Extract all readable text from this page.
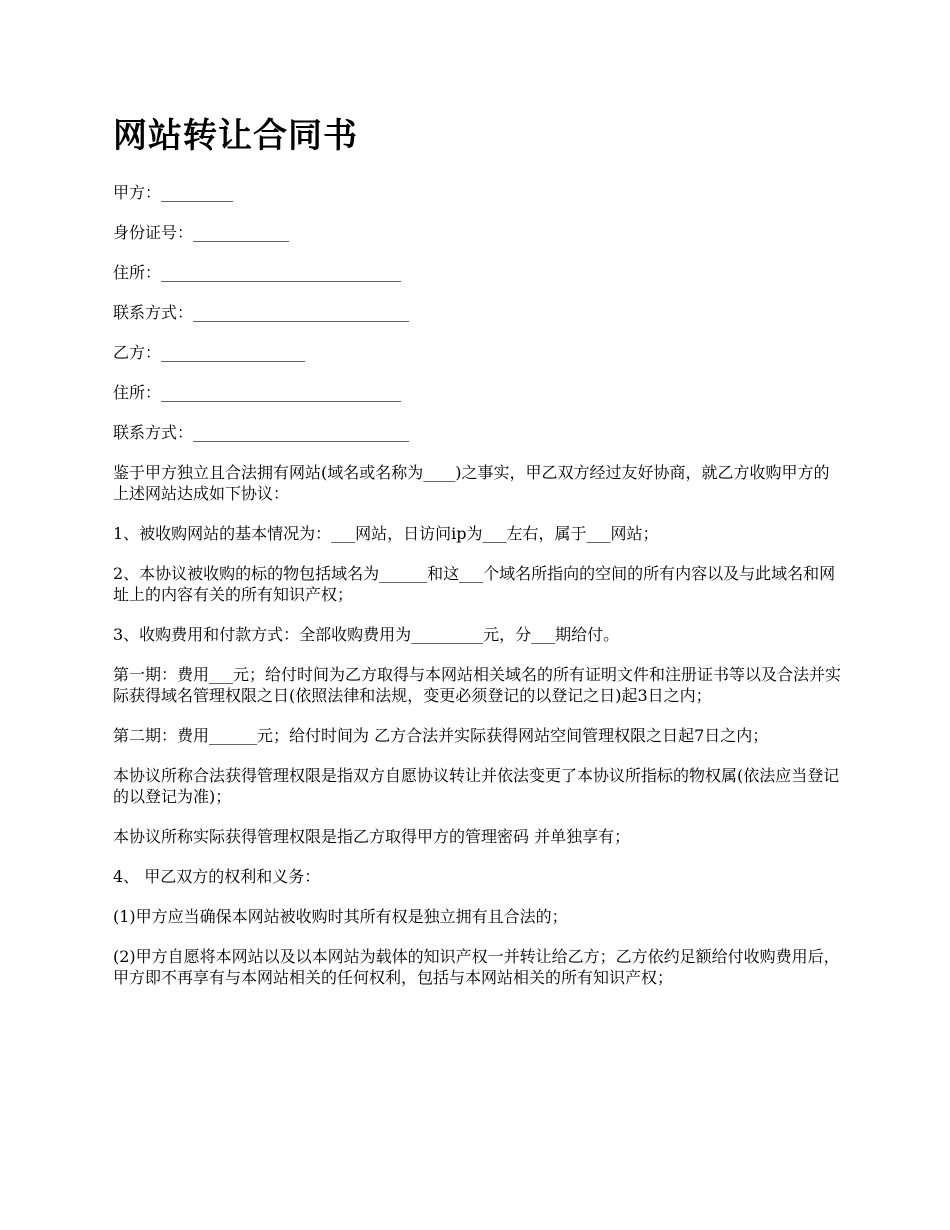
网站转让合同书

甲方：_________

身份证号：____________

住所：______________________________

联系方式：___________________________

乙方：__________________

住所：______________________________

联系方式：___________________________

鉴于甲方独立且合法拥有网站(域名或名称为____)之事实，甲乙双方经过友好协商，就乙方收购甲方的上述网站达成如下协议：

1、被收购网站的基本情况为：___网站，日访问ip为___左右，属于___网站；

2、本协议被收购的标的物包括域名为______和这___个域名所指向的空间的所有内容以及与此域名和网址上的内容有关的所有知识产权；

3、收购费用和付款方式：全部收购费用为_________元，分___期给付。

第一期：费用___元；给付时间为乙方取得与本网站相关域名的所有证明文件和注册证书等以及合法并实际获得域名管理权限之日(依照法律和法规，变更必须登记的以登记之日)起3日之内；

第二期：费用______元；给付时间为 乙方合法并实际获得网站空间管理权限之日起7日之内；

本协议所称合法获得管理权限是指双方自愿协议转让并依法变更了本协议所指标的物权属(依法应当登记的以登记为准)；

本协议所称实际获得管理权限是指乙方取得甲方的管理密码 并单独享有；

4、 甲乙双方的权利和义务：

(1)甲方应当确保本网站被收购时其所有权是独立拥有且合法的；

(2)甲方自愿将本网站以及以本网站为载体的知识产权一并转让给乙方；乙方依约足额给付收购费用后，甲方即不再享有与本网站相关的任何权利，包括与本网站相关的所有知识产权；
